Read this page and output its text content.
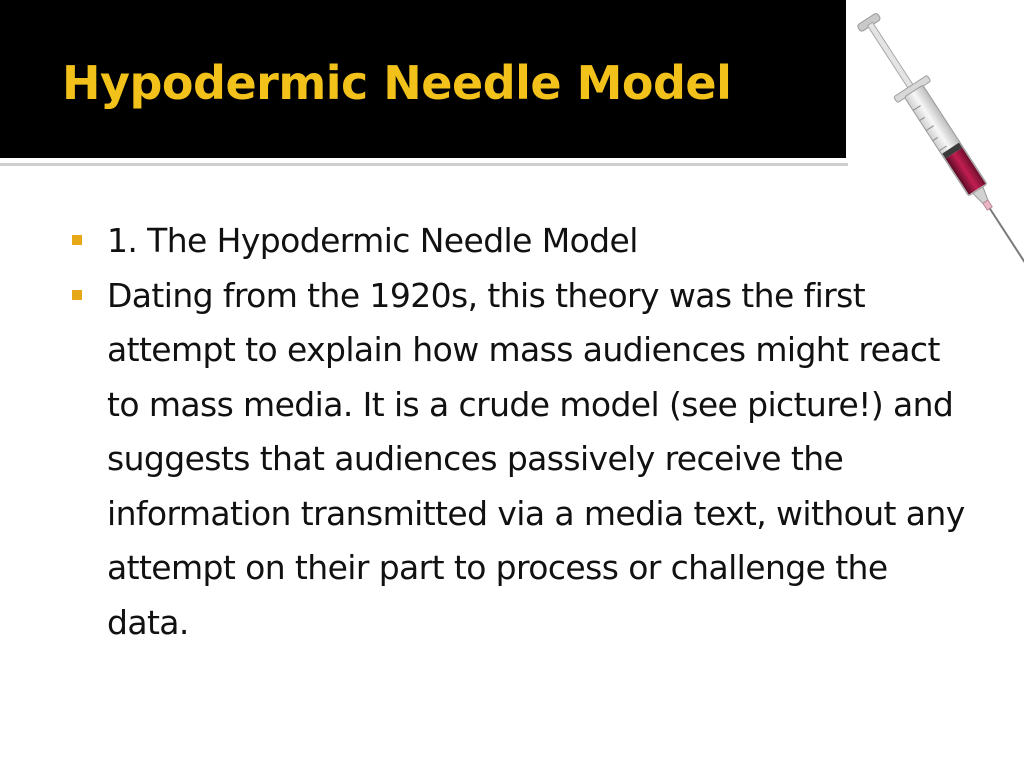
Hypodermic Needle Model
1. The Hypodermic Needle Model
Dating from the 1920s, this theory was the first attempt to explain how mass audiences might react to mass media. It is a crude model (see picture!) and suggests that audiences passively receive the information transmitted via a media text, without any attempt on their part to process or challenge the data.
